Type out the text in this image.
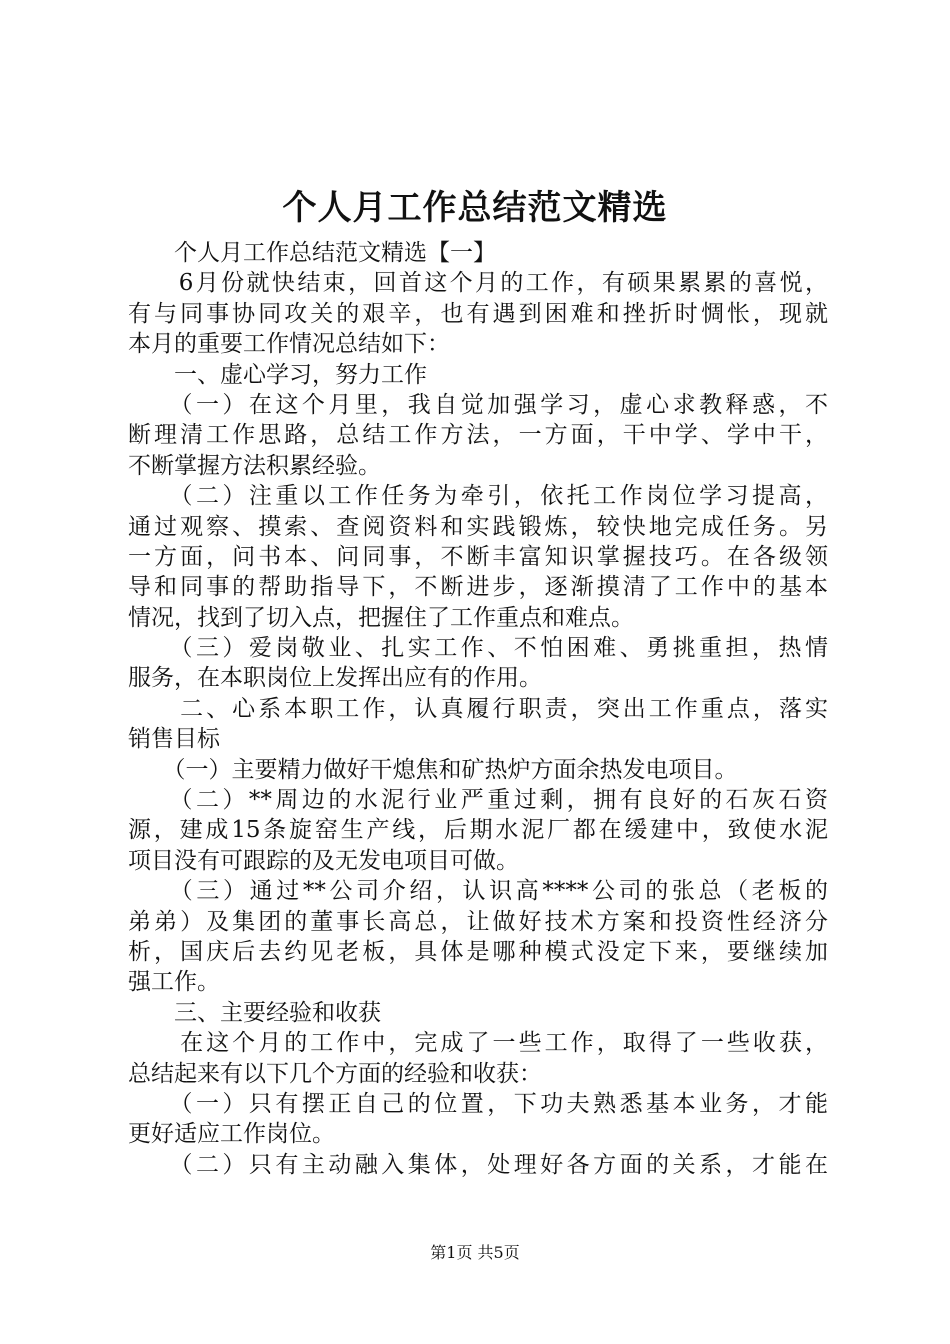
个人月工作总结范文精选
　　个人月工作总结范文精选【一】
　　6月份就快结束，回首这个月的工作，有硕果累累的喜悦，
有与同事协同攻关的艰辛，也有遇到困难和挫折时惆怅，现就
本月的重要工作情况总结如下：
　　一、虚心学习，努力工作
　　（一）在这个月里，我自觉加强学习，虚心求教释惑，不
断理清工作思路，总结工作方法，一方面，干中学、学中干，
不断掌握方法积累经验。
　　（二）注重以工作任务为牵引，依托工作岗位学习提高，
通过观察、摸索、查阅资料和实践锻炼，较快地完成任务。另
一方面，问书本、问同事，不断丰富知识掌握技巧。在各级领
导和同事的帮助指导下，不断进步，逐渐摸清了工作中的基本
情况，找到了切入点，把握住了工作重点和难点。
　　（三）爱岗敬业、扎实工作、不怕困难、勇挑重担，热情
服务，在本职岗位上发挥出应有的作用。
　　二、心系本职工作，认真履行职责，突出工作重点，落实
销售目标
　　（一）主要精力做好干熄焦和矿热炉方面余热发电项目。
　　（二）**周边的水泥行业严重过剩，拥有良好的石灰石资
源，建成15条旋窑生产线，后期水泥厂都在缓建中，致使水泥
项目没有可跟踪的及无发电项目可做。
　　（三）通过**公司介绍，认识高****公司的张总（老板的
弟弟）及集团的董事长高总，让做好技术方案和投资性经济分
析，国庆后去约见老板，具体是哪种模式没定下来，要继续加
强工作。
　　三、主要经验和收获
　　在这个月的工作中，完成了一些工作，取得了一些收获，
总结起来有以下几个方面的经验和收获：
　　（一）只有摆正自己的位置，下功夫熟悉基本业务，才能
更好适应工作岗位。
　　（二）只有主动融入集体，处理好各方面的关系，才能在
第1页 共5页
